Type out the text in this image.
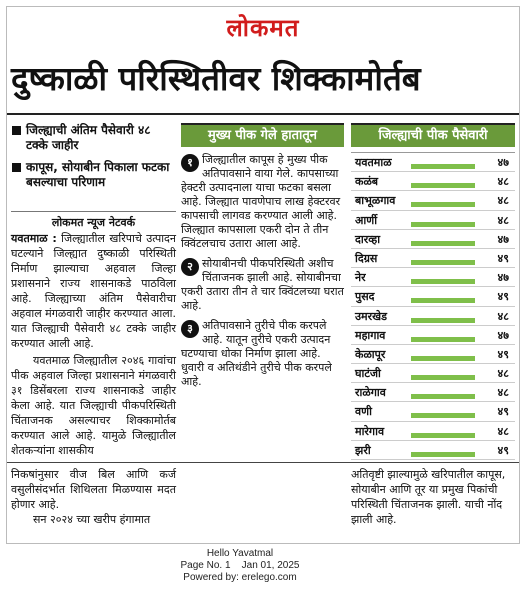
लोकमत
दुष्काळी परिस्थितीवर शिक्कामोर्तब
जिल्ह्याची अंतिम पैसेवारी ४८ टक्के जाहीर
कापूस, सोयाबीन पिकाला फटका बसल्याचा परिणाम
लोकमत न्यूज नेटवर्क

यवतमाळ : जिल्ह्यातील खरिपाचे उत्पादन घटल्याने जिल्ह्यात दुष्काळी परिस्थिती निर्माण झाल्याचा अहवाल जिल्हा प्रशासनाने राज्य शासनाकडे पाठविला आहे. जिल्ह्याच्या अंतिम पैसेवारीचा अहवाल मंगळवारी जाहीर करण्यात आला. यात जिल्ह्याची पैसेवारी ४८ टक्के जाहीर करण्यात आली आहे.

यवतमाळ जिल्ह्यातील २०४६ गावांचा पीक अहवाल जिल्हा प्रशासनाने मंगळवारी ३१ डिसेंबरला राज्य शासनाकडे जाहीर केला आहे. यात जिल्ह्याची पीकपरिस्थिती चिंताजनक असल्याचर शिक्कामोर्तब करण्यात आले आहे. यामुळे जिल्ह्यातील शेतकऱ्यांना शासकीय

मुख्य पीक गेले हातातून
१ जिल्ह्यातील कापूस हे मुख्य पीक अतिपावसाने वाया गेले. कापसाच्या हेक्टरी उत्पादनाला याचा फटका बसला आहे. जिल्ह्यात पावणेपाच लाख हेक्टरवर कापसाची लागवड करण्यात आली आहे. जिल्ह्यात कापसाला एकरी दोन ते तीन क्विंटलचाच उतारा आला आहे.
२ सोयाबीनची पीकपरिस्थिती अशीच चिंताजनक झाली आहे. सोयाबीनचा एकरी उतारा तीन ते चार क्विंटलच्या घरात आहे.
३ अतिपावसाने तुरीचे पीक करपले आहे. यातून तुरीचे एकरी उत्पादन घटण्याचा धोका निर्माण झाला आहे. धुवारी व अतिथंडीने तुरीचे पीक करपले आहे.
जिल्ह्याची पीक पैसेवारी
यवतमाळ	४७
कळंब	४८
बाभूळगाव	४८
आर्णी	४८
दारव्हा	४७
दिग्रस	४९
नेर	४७
पुसद	४९
उमरखेड	४८
महागाव	४७
केळापूर	४९
घाटंजी	४८
राळेगाव	४८
वणी	४९
मारेगाव	४८
झरी	४९
निकषांनुसार वीज बिल आणि कर्ज वसुलीसंदर्भात शिथिलता मिळण्यास मदत होणार आहे.
सन २०२४ च्या खरीप हंगामात
अतिवृष्टी झाल्यामुळे खरिपातील कापूस, सोयाबीन आणि तूर या प्रमुख पिकांची परिस्थिती चिंताजनक झाली. याची नोंद झाली आहे.
Hello Yavatmal
Page No. 1    Jan 01, 2025
Powered by: erelego.com
